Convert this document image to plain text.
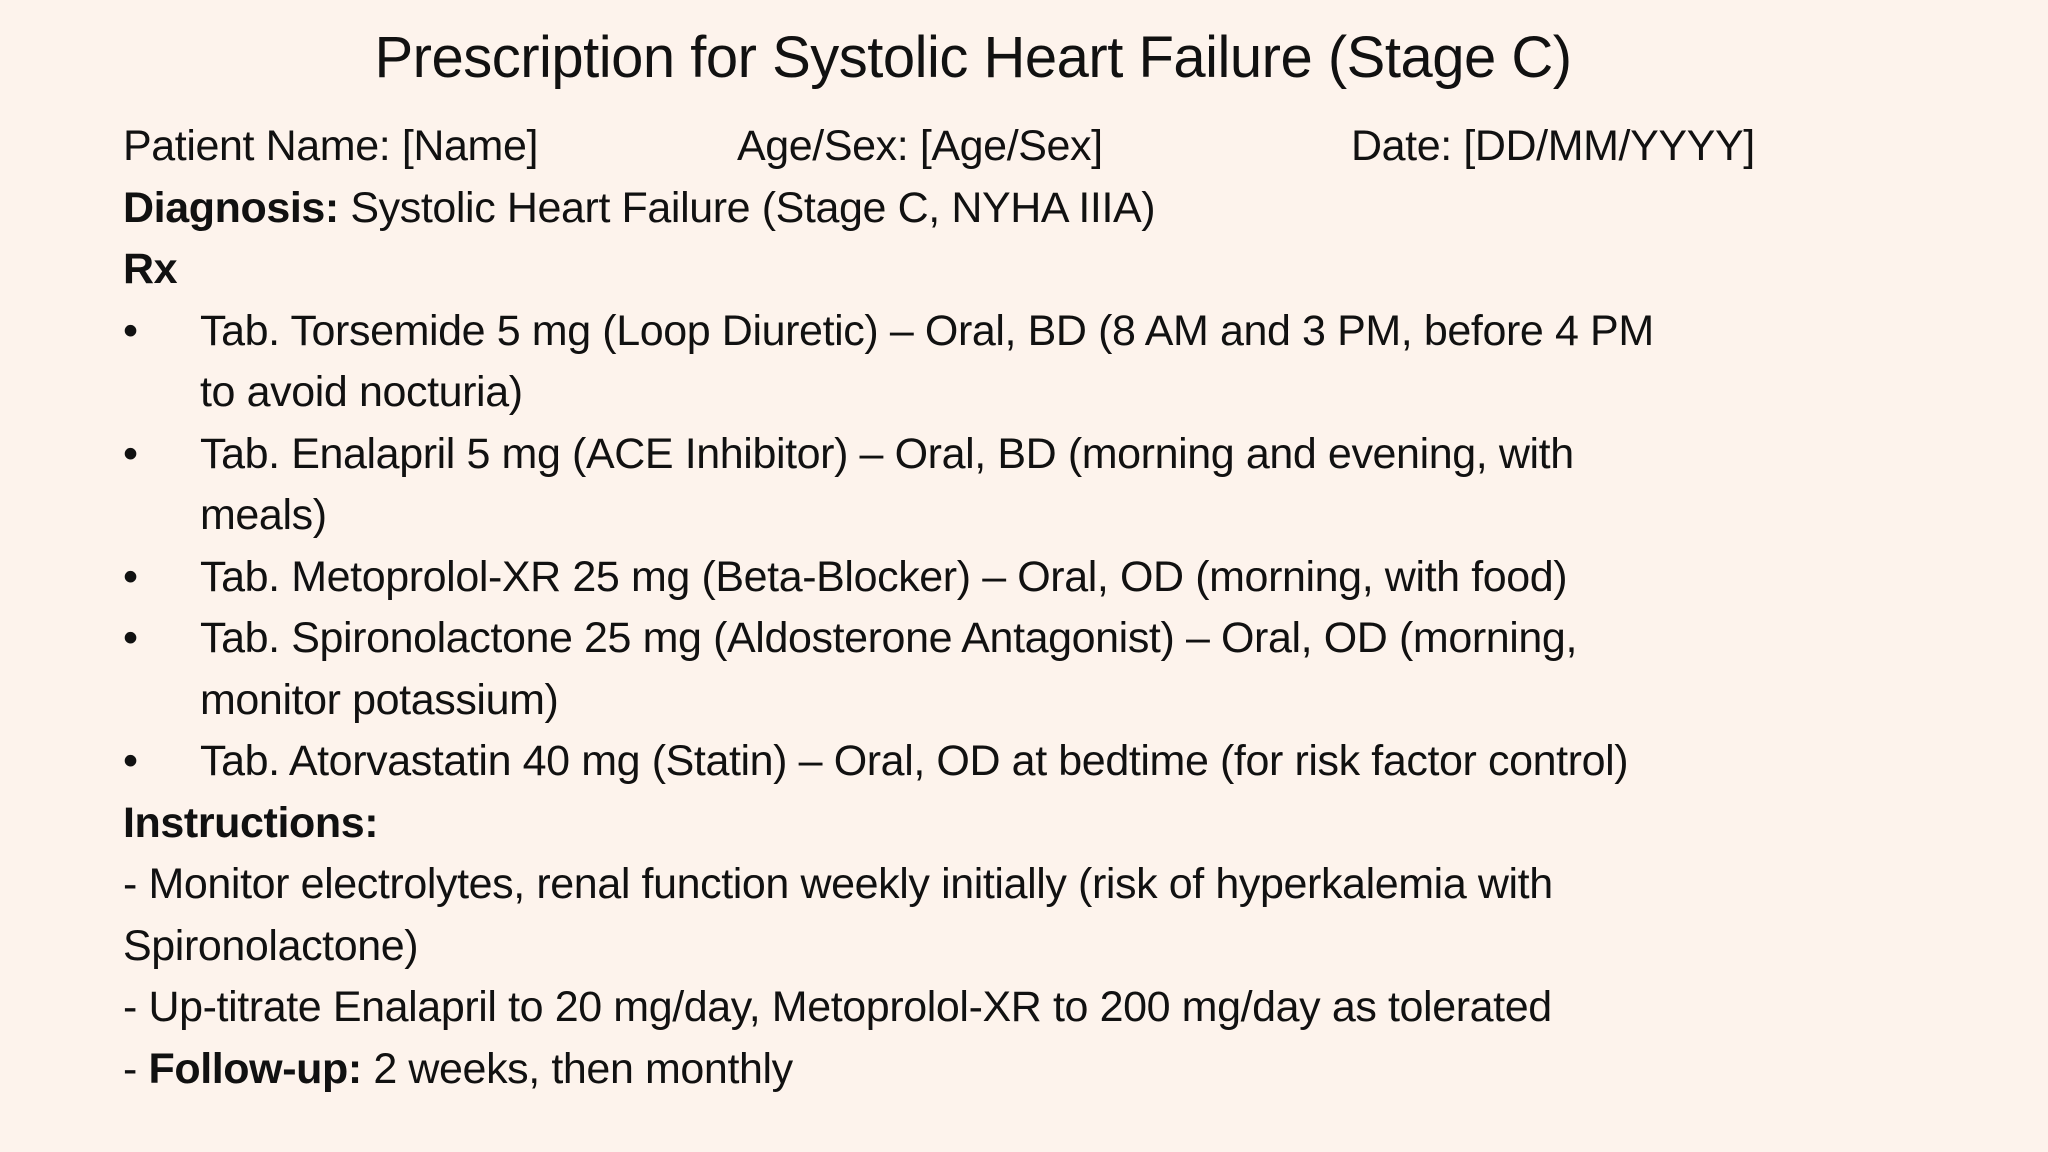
Prescription for Systolic Heart Failure (Stage C)
Patient Name: [Name]	Age/Sex: [Age/Sex]	Date: [DD/MM/YYYY]
Diagnosis: Systolic Heart Failure (Stage C, NYHA IIIA)
Rx
• Tab. Torsemide 5 mg (Loop Diuretic) – Oral, BD (8 AM and 3 PM, before 4 PM
to avoid nocturia)
• Tab. Enalapril 5 mg (ACE Inhibitor) – Oral, BD (morning and evening, with
meals)
• Tab. Metoprolol-XR 25 mg (Beta-Blocker) – Oral, OD (morning, with food)
• Tab. Spironolactone 25 mg (Aldosterone Antagonist) – Oral, OD (morning,
monitor potassium)
• Tab. Atorvastatin 40 mg (Statin) – Oral, OD at bedtime (for risk factor control)
Instructions:
- Monitor electrolytes, renal function weekly initially (risk of hyperkalemia with
Spironolactone)
- Up-titrate Enalapril to 20 mg/day, Metoprolol-XR to 200 mg/day as tolerated
- Follow-up: 2 weeks, then monthly
